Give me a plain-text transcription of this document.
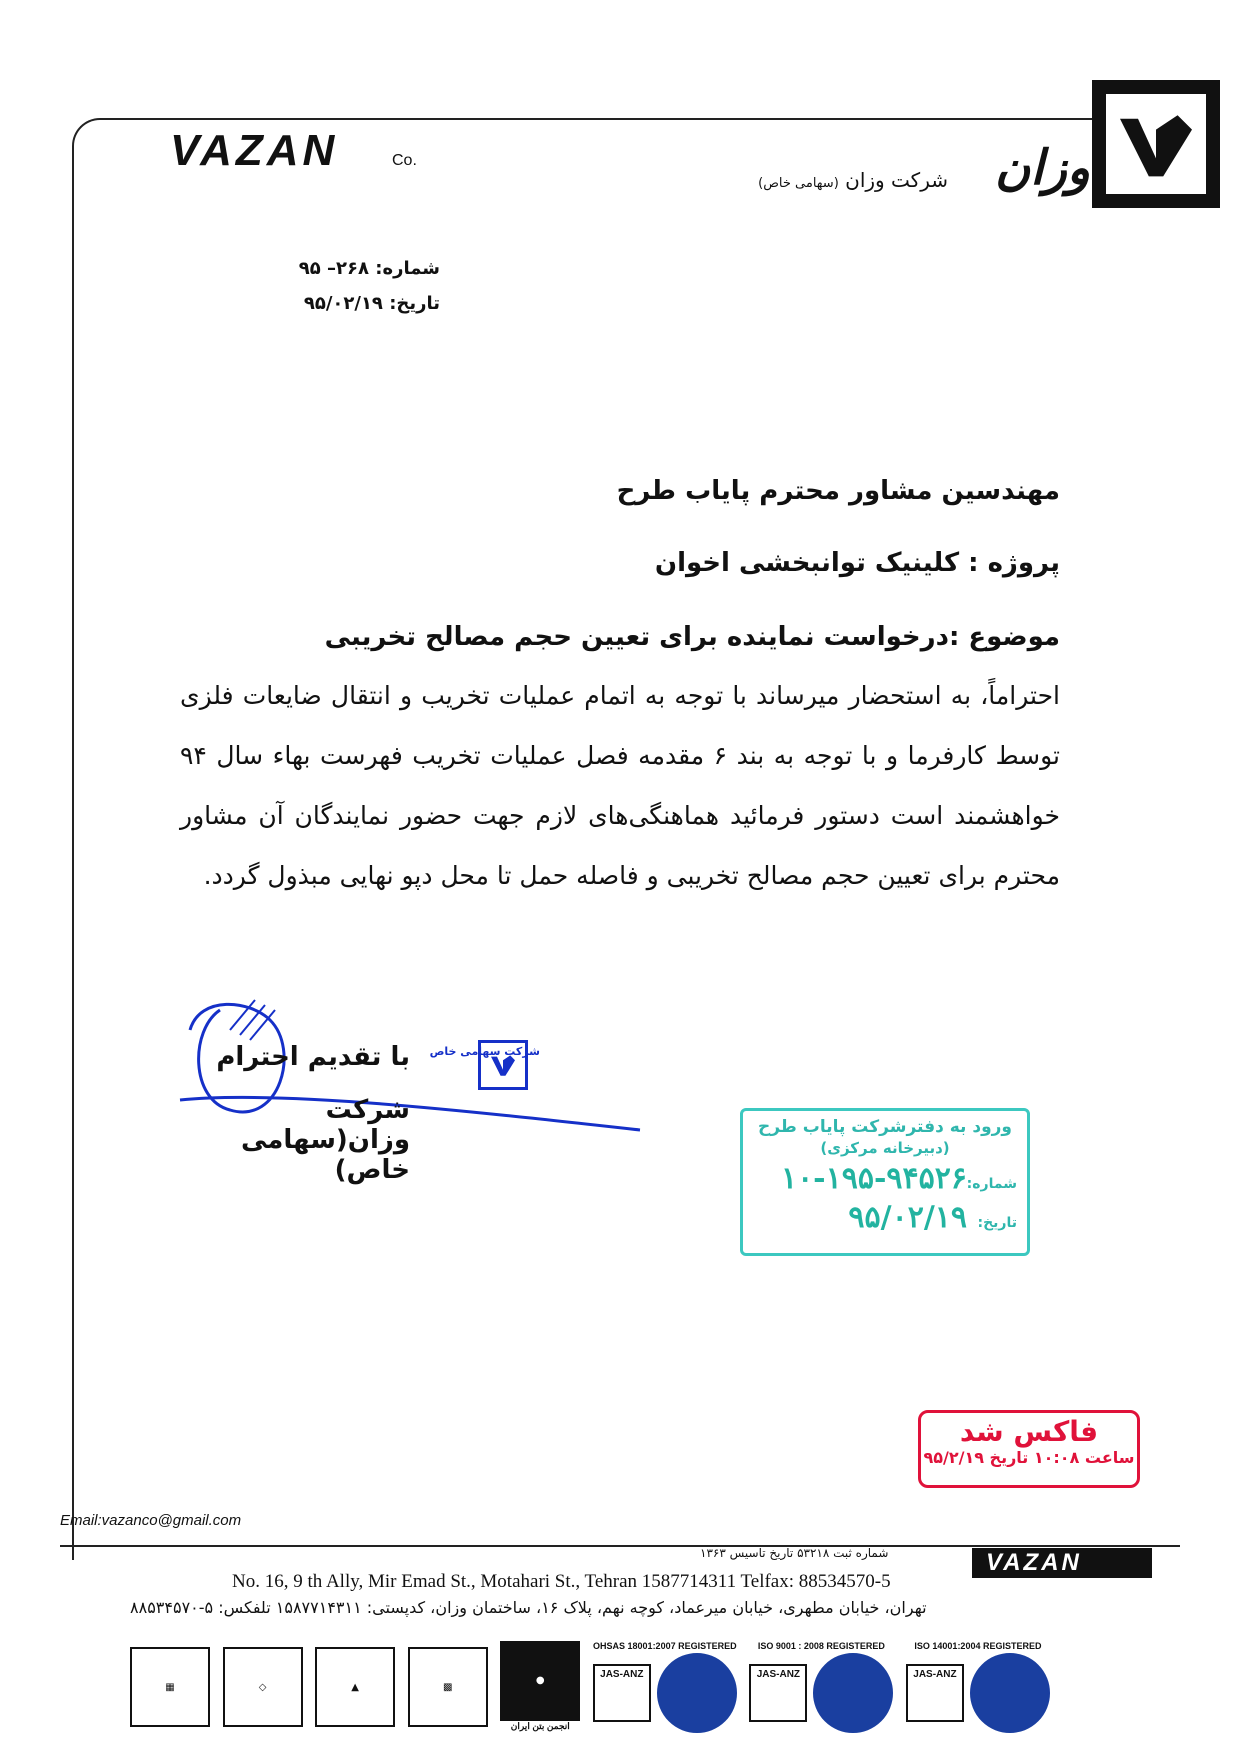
وزان
شرکت وزان (سهامی خاص)
VAZAN	Co.
شماره: ۲۶۸– ۹۵
تاریخ: ۹۵/۰۲/۱۹
مهندسین مشاور محترم پایاب طرح
پروژه : کلینیک توانبخشی اخوان
موضوع :درخواست نماینده برای تعیین حجم مصالح تخریبی
احتراماً، به استحضار میرساند با توجه به اتمام عملیات تخریب و انتقال ضایعات فلزی توسط کارفرما و با توجه به بند ۶ مقدمه فصل عملیات تخریب فهرست بهاء سال ۹۴ خواهشمند است دستور فرمائید هماهنگی‌های لازم جهت حضور نمایندگان آن مشاور محترم برای تعیین حجم مصالح تخریبی و فاصله حمل تا محل دپو نهایی مبذول گردد.
با تقدیم احترام
شرکت وزان(سهامی خاص)
شرکت سهامی خاص
ورود به دفترشرکت پایاب طرح
(دبیرخانه مرکزی)
شماره:
۱۰-۱۹۵-۹۴۵۲۶
تاریخ:
۹۵/۰۲/۱۹
فاکس شد
ساعت ۱۰:۰۸ تاریخ ۹۵/۲/۱۹
Email:vazanco@gmail.com
شماره ثبت ۵۳۲۱۸ تاریخ تاسیس ۱۳۶۳	VAZAN
No. 16, 9 th Ally, Mir Emad St., Motahari St., Tehran 1587714311 Telfax: 88534570-5
تهران، خیابان مطهری، خیابان میرعماد، کوچه نهم، پلاک ۱۶، ساختمان وزان، کدپستی: ۱۵۸۷۷۱۴۳۱۱ تلفکس: ۵-۸۸۵۳۴۵۷۰
▦	◇	▲	▩
●
انجمن بتن ایران
OHSAS 18001:2007 REGISTERED
JAS-ANZ
ISO 9001 : 2008 REGISTERED
JAS-ANZ
ISO 14001:2004 REGISTERED
JAS-ANZ
